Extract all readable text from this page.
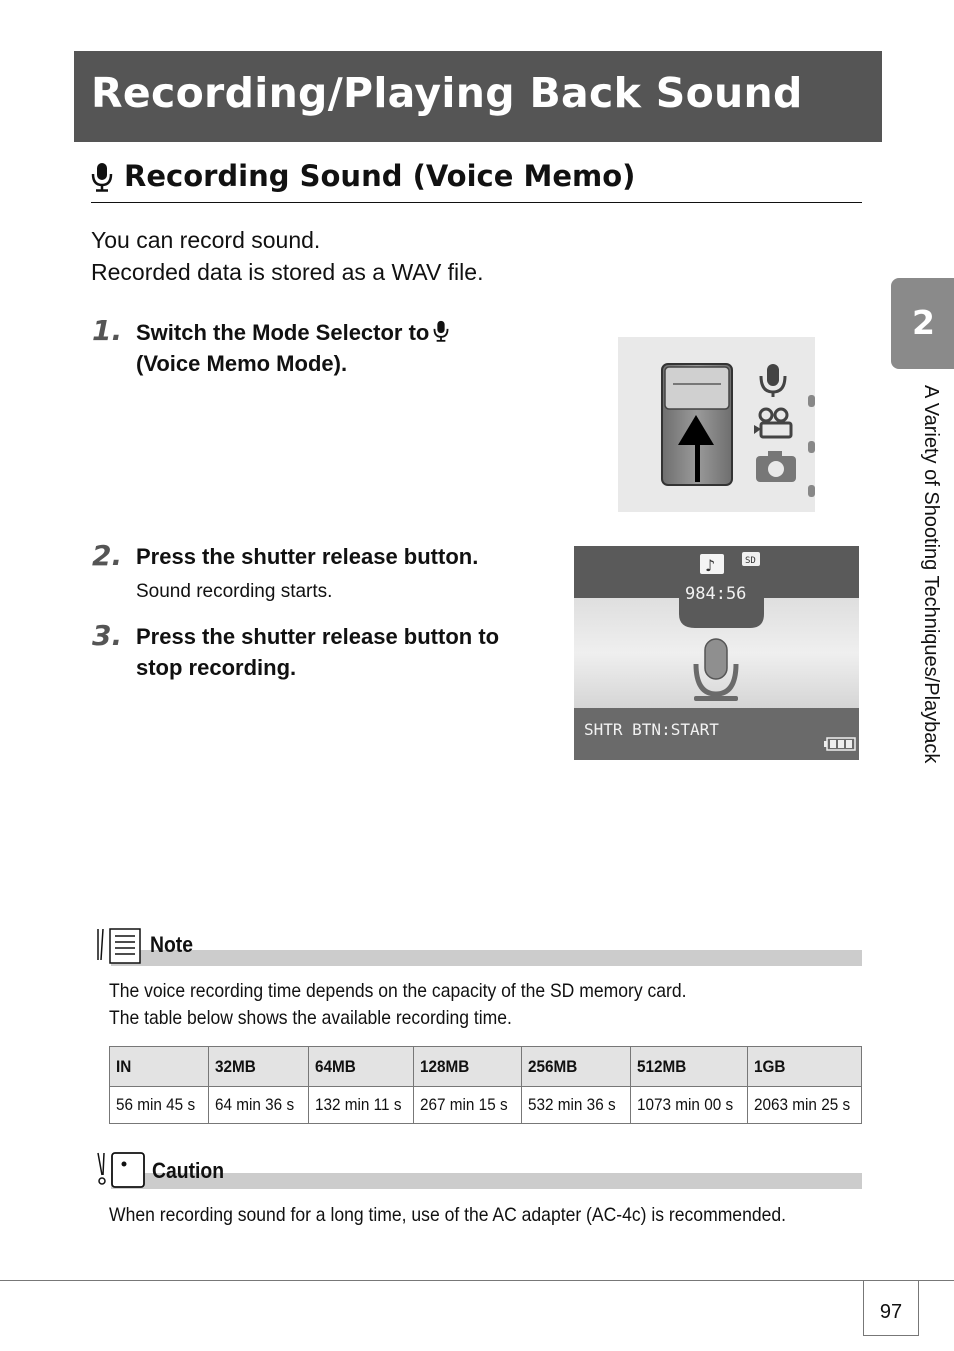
Recording/Playing Back Sound
Recording Sound (Voice Memo)
You can record sound.
Recorded data is stored as a WAV file.
1. Switch the Mode Selector to
(Voice Memo Mode).
2. Press the shutter release button.
Sound recording starts.
3. Press the shutter release button to
stop recording.
♪	SD
984:56
SHTR BTN:START
2
A Variety of Shooting Techniques/Playback
Note
The voice recording time depends on the capacity of the SD memory card.
The table below shows the available recording time.
IN	32MB	64MB	128MB	256MB	512MB	1GB
56 min 45 s	64 min 36 s	132 min 11 s	267 min 15 s	532 min 36 s	1073 min 00 s	2063 min 25 s
Caution
When recording sound for a long time, use of the AC adapter (AC-4c) is recommended.
97
